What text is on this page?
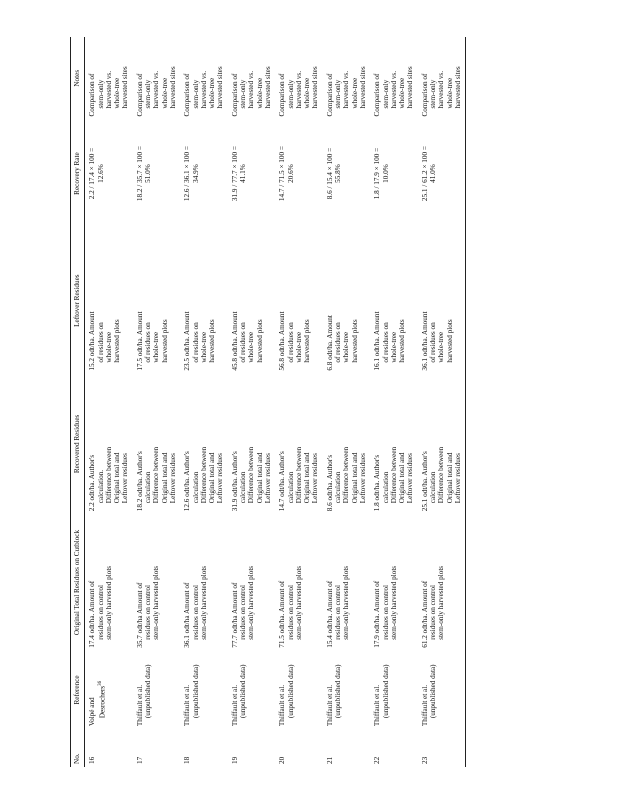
No.	Reference	Original Total Residues on Cutblock	Recovered Residues	Leftover Residues	Recovery Rate	Notes
16	Volpé and Desrochers$^{36}$	17.4 odt/ha. Amount of residues on control stem-only harvested plots	2.2 odt/ha. Author's calculation. Difference between Original total and Leftover residues	15.2 odt/ha. Amount of residues on whole-tree harvested plots	2.2 / 17.4 × 100 = 12.6%	Comparison of stem-only harvested vs. whole-tree harvested sites

17	Thiffault et al. (unpublished data)	35.7 odt/ha Amount of residues on control stem-only harvested plots	18.2 odt/ha. Author's calculation Difference between Original total and Leftover residues	17.5 odt/ha. Amount of residues on whole-tree harvested plots	18.2 / 35.7 × 100 = 51.0%	Comparison of stem-only harvested vs. whole-tree harvested sites

18	Thiffault et al. (unpublished data)	36.1 odt/ha Amount of residues on control stem-only harvested plots	12.6 odt/ha. Author's calculation Difference between Original total and Leftover residues	23.5 odt/ha. Amount of residues on whole-tree harvested plots	12.6 / 36.1 × 100 = 34.9%	Comparison of stem-only harvested vs. whole-tree harvested sites

19	Thiffault et al. (unpublished data)	77.7 odt/ha Amount of residues on control stem-only harvested plots	31.9 odt/ha. Author's calculation Difference between Original total and Leftover residues	45.8 odt/ha. Amount of residues on whole-tree harvested plots	31.9 / 77.7 × 100 = 41.1%	Comparison of stem-only harvested vs. whole-tree harvested sites

20	Thiffault et al. (unpublished data)	71.5 odt/ha. Amount of residues on control stem-only harvested plots	14.7 odt/ha. Author's calculation Difference between Original total and Leftover residues	56.8 odt/ha. Amount of residues on whole-tree harvested plots	14.7 / 71.5 × 100 = 20.6%	Comparison of stem-only harvested vs. whole-tree harvested sites

21	Thiffault et al. (unpublished data)	15.4 odt/ha. Amount of residues on control stem-only harvested plots	8.6 odt/ha. Author's calculation Difference between Original total and Leftover residues	6.8 odt/ha. Amount of residues on whole-tree harvested plots	8.6 / 15.4 × 100 = 55.8%	Comparison of stem-only harvested vs. whole-tree harvested sites

22	Thiffault et al. (unpublished data)	17.9 odt/ha. Amount of residues on control stem-only harvested plots	1.8 odt/ha. Author's calculation Difference between Original total and Leftover residues	16.1 odt/ha. Amount of residues on whole-tree harvested plots	1.8 / 17.9 × 100 = 10.0%	Comparison of stem-only harvested vs. whole-tree harvested sites

23	Thiffault et al. (unpublished data)	61.2 odt/ha. Amount of residues on control stem-only harvested plots	25.1 odt/ha. Author's calculation Difference between Original total and Leftover residues	36.1 odt/ha. Amount of residues on whole-tree harvested plots	25.1 / 61.2 × 100 = 41.0%	Comparison of stem-only harvested vs. whole-tree harvested sites
